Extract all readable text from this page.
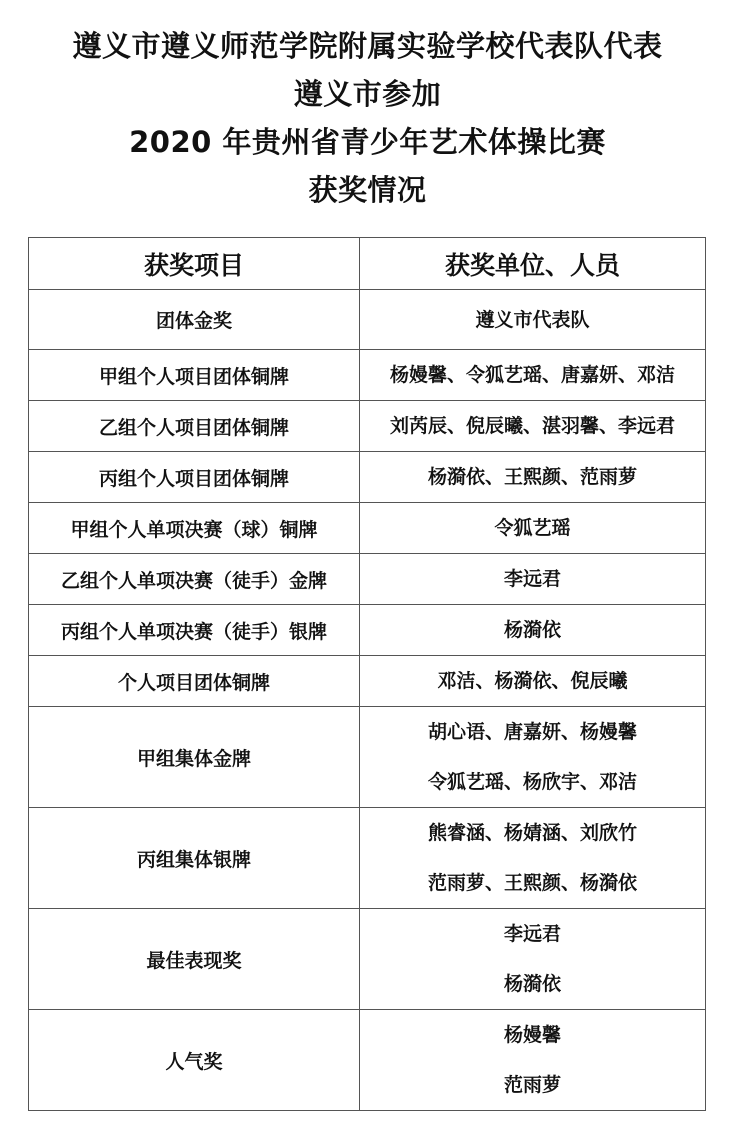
遵义市遵义师范学院附属实验学校代表队代表
遵义市参加
2020 年贵州省青少年艺术体操比赛
获奖情况
获奖项目	获奖单位、人员
团体金奖	遵义市代表队

甲组个人项目团体铜牌	杨嫚馨、令狐艺瑶、唐嘉妍、邓洁

乙组个人项目团体铜牌	刘芮辰、倪辰曦、湛羽馨、李远君

丙组个人项目团体铜牌	杨漪依、王熙颜、范雨萝

甲组个人单项决赛（球）铜牌	令狐艺瑶

乙组个人单项决赛（徒手）金牌	李远君

丙组个人单项决赛（徒手）银牌	杨漪依

个人项目团体铜牌	邓洁、杨漪依、倪辰曦

甲组集体金牌	胡心语、唐嘉妍、杨嫚馨
令狐艺瑶、杨欣宇、邓洁

丙组集体银牌	熊睿涵、杨婧涵、刘欣竹
范雨萝、王熙颜、杨漪依

最佳表现奖	李远君
杨漪依

人气奖	杨嫚馨
范雨萝
